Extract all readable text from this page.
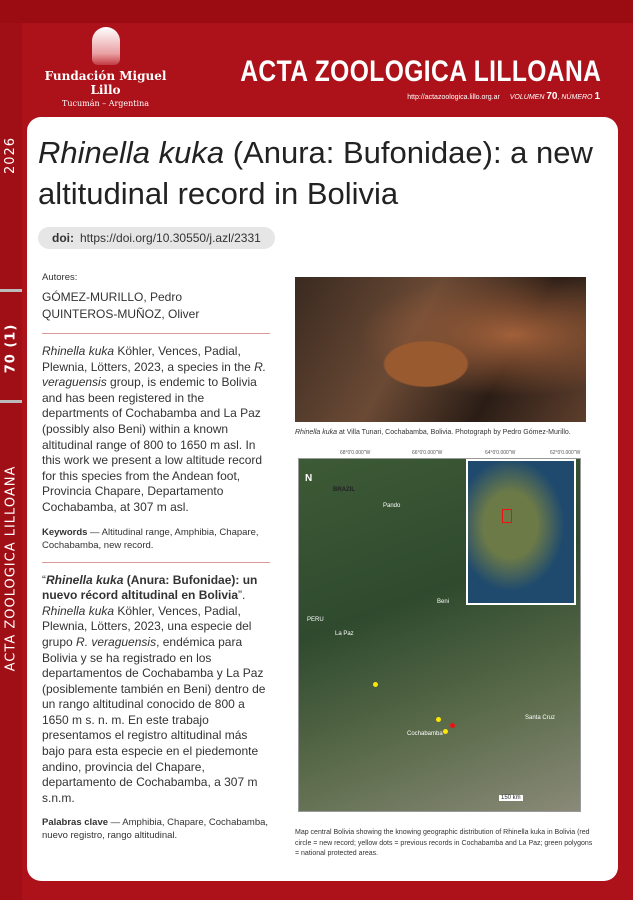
2026
70 (1)
ACTA ZOOLOGICA LILLOANA
Fundación Miguel Lillo
Tucumán – Argentina
ACTA ZOOLOGICA LILLOANA
http://actazoologica.lillo.org.ar VOLUMEN 70, NÚMERO 1
Rhinella kuka (Anura: Bufonidae): a new altitudinal record in Bolivia
doi: https://doi.org/10.30550/j.azl/2331
Autores:
GÓMEZ-MURILLO, Pedro
QUINTEROS-MUÑOZ, Oliver
Rhinella kuka Köhler, Vences, Padial, Plewnia, Lötters, 2023, a species in the R. veraguensis group, is endemic to Bolivia and has been registered in the departments of Cochabamba and La Paz (possibly also Beni) within a known altitudinal range of 800 to 1650 m asl. In this work we present a low altitude record for this species from the Andean foot, Provincia Chapare, Departamento Cochabamba, at 307 m asl.
Keywords — Altitudinal range, Amphibia, Chapare, Cochabamba, new record.
“Rhinella kuka (Anura: Bufonidae): un nuevo récord altitudinal en Bolivia”. Rhinella kuka Köhler, Vences, Padial, Plewnia, Lötters, 2023, una especie del grupo R. veraguensis, endémica para Bolivia y se ha registrado en los departamentos de Cochabamba y La Paz (posiblemente también en Beni) dentro de un rango altitudinal conocido de 800 a 1650 m s. n. m. En este trabajo presentamos el registro altitudinal más bajo para esta especie en el piedemonte andino, provincia del Chapare, departamento de Cochabamba, a 307 m s.n.m.
Palabras clave — Amphibia, Chapare, Cochabamba, nuevo registro, rango altitudinal.
Rhinella kuka at Villa Tunari, Cochabamba, Bolivia. Photograph by Pedro Gómez-Murillo.
68°0'0.000"W	66°0'0.000"W	64°0'0.000"W	62°0'0.000"W
N
BRAZIL
Pando
PERU
Beni
La Paz
Cochabamba
Santa Cruz
150 km
Map central Bolivia showing the knowing geographic distribution of Rhinella kuka in Bolivia (red circle = new record; yellow dots = previous records in Cochabamba and La Paz; green polygons = national protected areas.
